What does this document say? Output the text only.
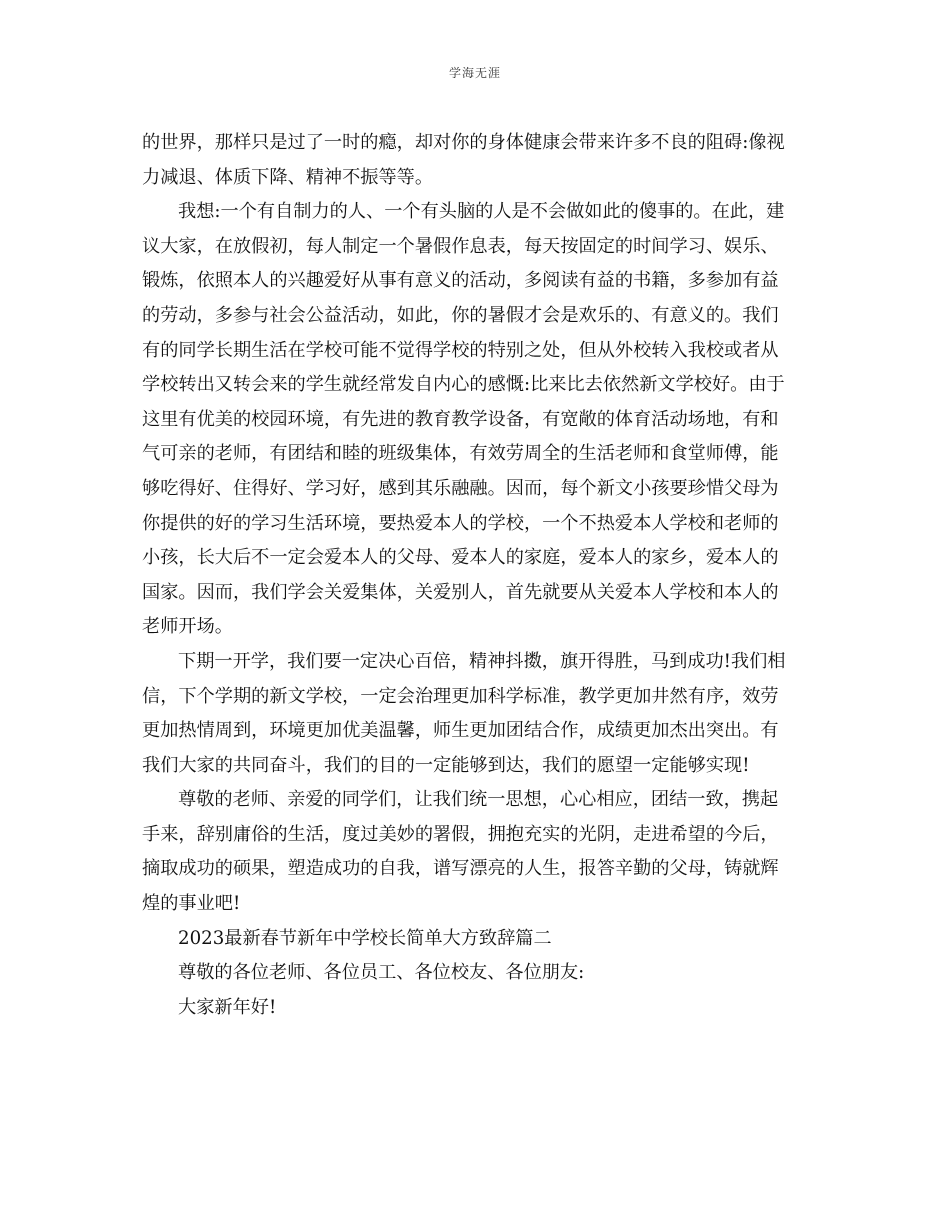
学海无涯
的世界，那样只是过了一时的瘾，却对你的身体健康会带来许多不良的阻碍:像视
力减退、体质下降、精神不振等等。
我想:一个有自制力的人、一个有头脑的人是不会做如此的傻事的。在此，建
议大家，在放假初，每人制定一个暑假作息表，每天按固定的时间学习、娱乐、
锻炼，依照本人的兴趣爱好从事有意义的活动，多阅读有益的书籍，多参加有益
的劳动，多参与社会公益活动，如此，你的暑假才会是欢乐的、有意义的。我们
有的同学长期生活在学校可能不觉得学校的特别之处，但从外校转入我校或者从
学校转出又转会来的学生就经常发自内心的感慨:比来比去依然新文学校好。由于
这里有优美的校园环境，有先进的教育教学设备，有宽敞的体育活动场地，有和
气可亲的老师，有团结和睦的班级集体，有效劳周全的生活老师和食堂师傅，能
够吃得好、住得好、学习好，感到其乐融融。因而，每个新文小孩要珍惜父母为
你提供的好的学习生活环境，要热爱本人的学校，一个不热爱本人学校和老师的
小孩，长大后不一定会爱本人的父母、爱本人的家庭，爱本人的家乡，爱本人的
国家。因而，我们学会关爱集体，关爱别人，首先就要从关爱本人学校和本人的
老师开场。
下期一开学，我们要一定决心百倍，精神抖擞，旗开得胜，马到成功!我们相
信，下个学期的新文学校，一定会治理更加科学标准，教学更加井然有序，效劳
更加热情周到，环境更加优美温馨，师生更加团结合作，成绩更加杰出突出。有
我们大家的共同奋斗，我们的目的一定能够到达，我们的愿望一定能够实现!
尊敬的老师、亲爱的同学们，让我们统一思想，心心相应，团结一致，携起
手来，辞别庸俗的生活，度过美妙的署假，拥抱充实的光阴，走进希望的今后，
摘取成功的硕果，塑造成功的自我，谱写漂亮的人生，报答辛勤的父母，铸就辉
煌的事业吧!
2023最新春节新年中学校长简单大方致辞篇二
尊敬的各位老师、各位员工、各位校友、各位朋友:
大家新年好!
